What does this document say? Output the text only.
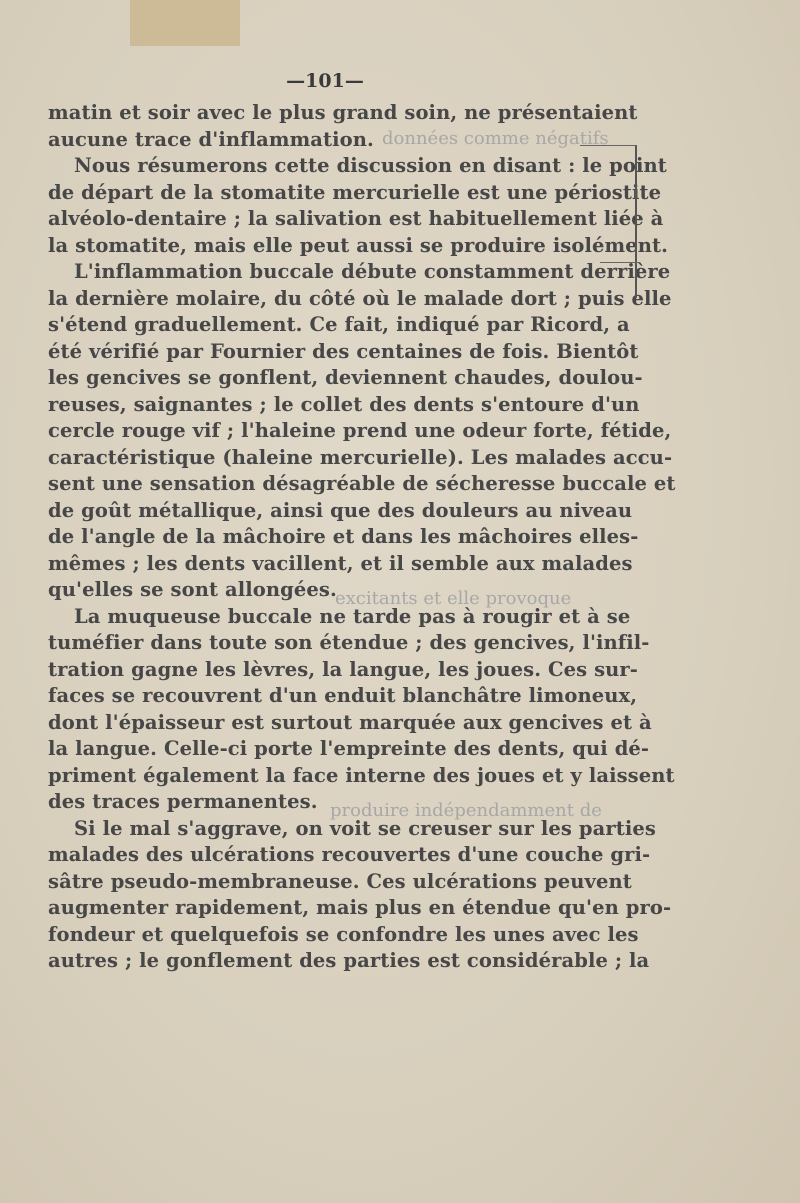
—101—
matin et soir avec le plus grand soin, ne présentaient
aucune trace d'inflammation.
Nous résumerons cette discussion en disant : le point
de départ de la stomatite mercurielle est une périostite
alvéolo-dentaire ; la salivation est habituellement liée à
la stomatite, mais elle peut aussi se produire isolément.
L'inflammation buccale débute constamment derrière
la dernière molaire, du côté où le malade dort ; puis elle
s'étend graduellement. Ce fait, indiqué par Ricord, a
été vérifié par Fournier des centaines de fois. Bientôt
les gencives se gonflent, deviennent chaudes, doulou-
reuses, saignantes ; le collet des dents s'entoure d'un
cercle rouge vif ; l'haleine prend une odeur forte, fétide,
caractéristique (haleine mercurielle). Les malades accu-
sent une sensation désagréable de sécheresse buccale et
de goût métallique, ainsi que des douleurs au niveau
de l'angle de la mâchoire et dans les mâchoires elles-
mêmes ; les dents vacillent, et il semble aux malades
qu'elles se sont allongées.
La muqueuse buccale ne tarde pas à rougir et à se
tuméfier dans toute son étendue ; des gencives, l'infil-
tration gagne les lèvres, la langue, les joues. Ces sur-
faces se recouvrent d'un enduit blanchâtre limoneux,
dont l'épaisseur est surtout marquée aux gencives et à
la langue. Celle-ci porte l'empreinte des dents, qui dé-
priment également la face interne des joues et y laissent
des traces permanentes.
Si le mal s'aggrave, on voit se creuser sur les parties
malades des ulcérations recouvertes d'une couche gri-
sâtre pseudo-membraneuse. Ces ulcérations peuvent
augmenter rapidement, mais plus en étendue qu'en pro-
fondeur et quelquefois se confondre les unes avec les
autres ; le gonflement des parties est considérable ; la
données comme négatifs
excitants et elle provoque
produire indépendamment de
